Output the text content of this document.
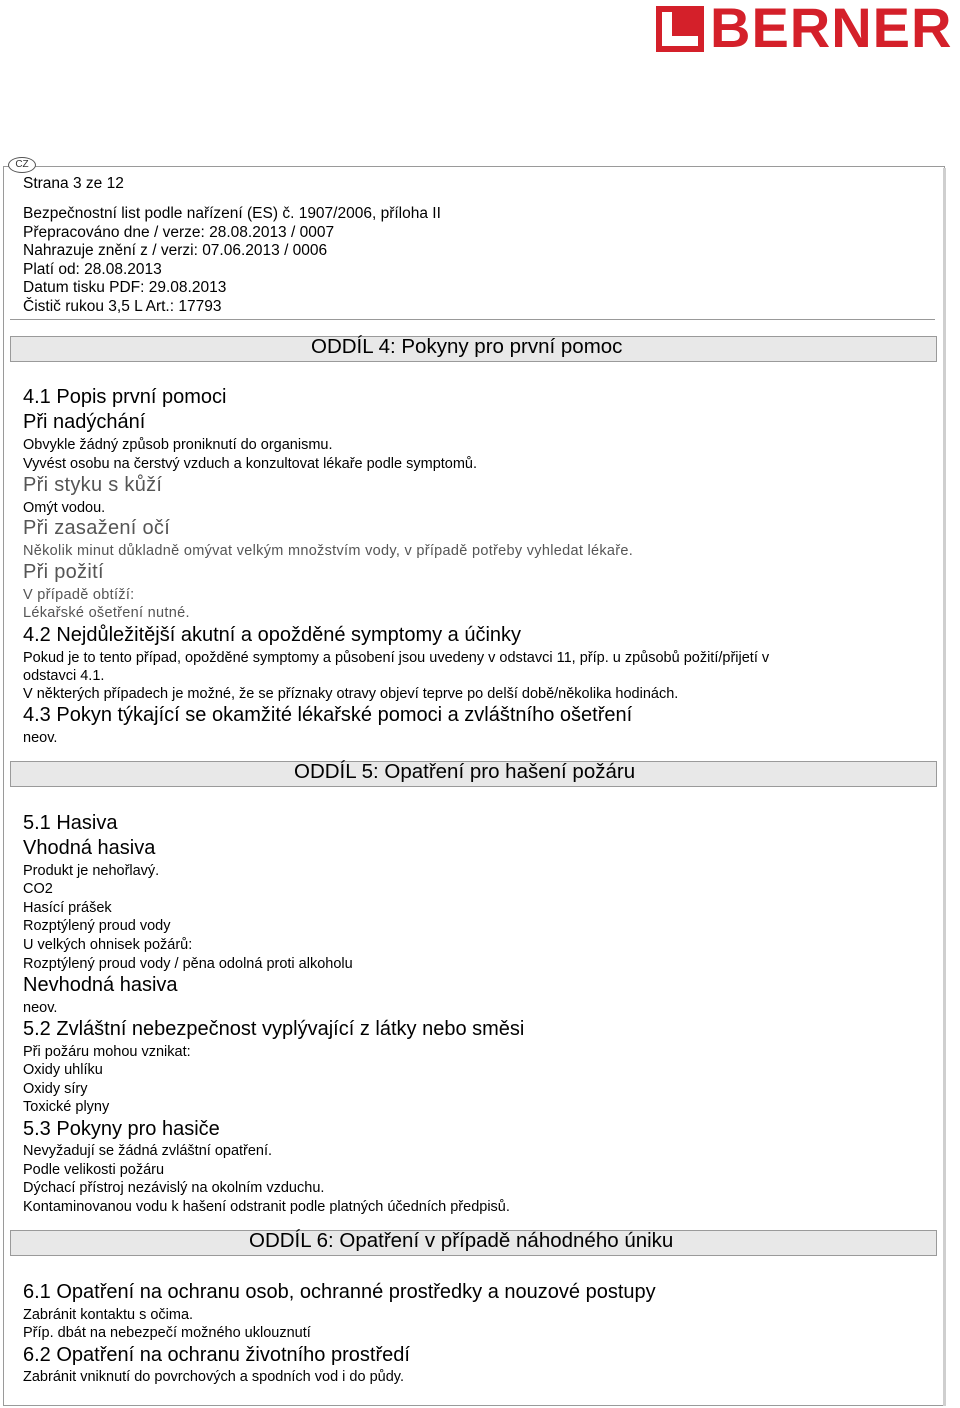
BERNER
CZ
Strana 3 ze 12
Bezpečnostní list podle nařízení (ES) č. 1907/2006, příloha II
Přepracováno dne / verze: 28.08.2013 / 0007
Nahrazuje znění z / verzi: 07.06.2013 / 0006
Platí od: 28.08.2013
Datum tisku PDF: 29.08.2013
Čistič rukou 3,5 L Art.: 17793
ODDÍL 4: Pokyny pro první pomoc
4.1 Popis první pomoci
Při nadýchání
Obvykle žádný způsob proniknutí do organismu.
Vyvést osobu na čerstvý vzduch a konzultovat lékaře podle symptomů.
Při styku s kůží
Omýt vodou.
Při zasažení očí
Několik minut důkladně omývat velkým množstvím vody, v případě potřeby vyhledat lékaře.
Při požití
V případě obtíží:
Lékařské ošetření nutné.
4.2 Nejdůležitější akutní a opožděné symptomy a účinky
Pokud je to tento případ, opožděné symptomy a působení jsou uvedeny v odstavci 11, příp. u způsobů požití/přijetí v
odstavci 4.1.
V některých případech je možné, že se příznaky otravy objeví teprve po delší době/několika hodinách.
4.3 Pokyn týkající se okamžité lékařské pomoci a zvláštního ošetření
neov.
ODDÍL 5: Opatření pro hašení požáru
5.1 Hasiva
Vhodná hasiva
Produkt je nehořlavý.
CO2
Hasící prášek
Rozptýlený proud vody
U velkých ohnisek požárů:
Rozptýlený proud vody / pěna odolná proti alkoholu
Nevhodná hasiva
neov.
5.2 Zvláštní nebezpečnost vyplývající z látky nebo směsi
Při požáru mohou vznikat:
Oxidy uhlíku
Oxidy síry
Toxické plyny
5.3 Pokyny pro hasiče
Nevyžadují se žádná zvláštní opatření.
Podle velikosti požáru
Dýchací přístroj nezávislý na okolním vzduchu.
Kontaminovanou vodu k hašení odstranit podle platných účedních předpisů.
ODDÍL 6: Opatření v případě náhodného úniku
6.1 Opatření na ochranu osob, ochranné prostředky a nouzové postupy
Zabránit kontaktu s očima.
Příp. dbát na nebezpečí možného uklouznutí
6.2 Opatření na ochranu životního prostředí
Zabránit vniknutí do povrchových a spodních vod i do půdy.
